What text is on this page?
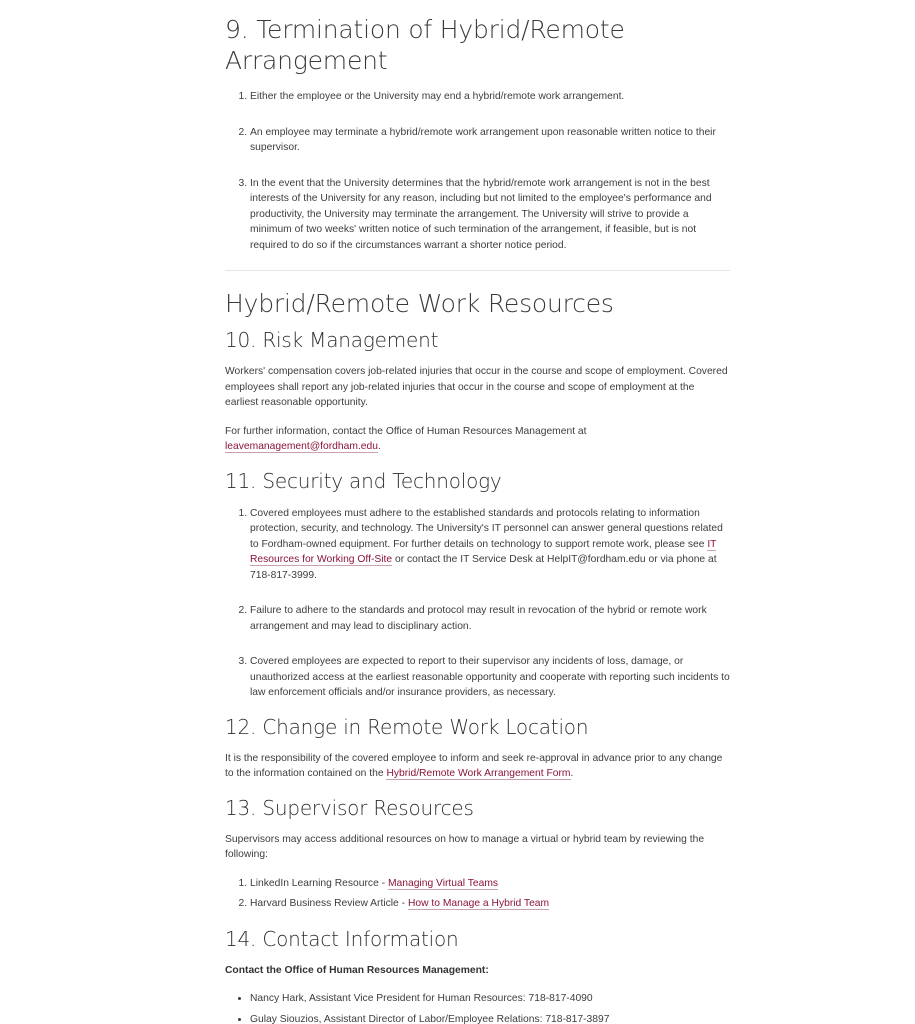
9. Termination of Hybrid/Remote Arrangement
1. Either the employee or the University may end a hybrid/remote work arrangement.
2. An employee may terminate a hybrid/remote work arrangement upon reasonable written notice to their supervisor.
3. In the event that the University determines that the hybrid/remote work arrangement is not in the best interests of the University for any reason, including but not limited to the employee's performance and productivity, the University may terminate the arrangement. The University will strive to provide a minimum of two weeks' written notice of such termination of the arrangement, if feasible, but is not required to do so if the circumstances warrant a shorter notice period.
Hybrid/Remote Work Resources
10. Risk Management

Workers' compensation covers job-related injuries that occur in the course and scope of employment. Covered employees shall report any job-related injuries that occur in the course and scope of employment at the earliest reasonable opportunity.

For further information, contact the Office of Human Resources Management at leavemanagement@fordham.edu.

11. Security and Technology
1. Covered employees must adhere to the established standards and protocols relating to information protection, security, and technology. The University's IT personnel can answer general questions related to Fordham-owned equipment. For further details on technology to support remote work, please see IT Resources for Working Off-Site or contact the IT Service Desk at HelpIT@fordham.edu or via phone at 718-817-3999.
2. Failure to adhere to the standards and protocol may result in revocation of the hybrid or remote work arrangement and may lead to disciplinary action.
3. Covered employees are expected to report to their supervisor any incidents of loss, damage, or unauthorized access at the earliest reasonable opportunity and cooperate with reporting such incidents to law enforcement officials and/or insurance providers, as necessary.
12. Change in Remote Work Location

It is the responsibility of the covered employee to inform and seek re-approval in advance prior to any change to the information contained on the Hybrid/Remote Work Arrangement Form.

13. Supervisor Resources

Supervisors may access additional resources on how to manage a virtual or hybrid team by reviewing the following:

1. LinkedIn Learning Resource - Managing Virtual Teams
2. Harvard Business Review Article - How to Manage a Hybrid Team
14. Contact Information

Contact the Office of Human Resources Management:

• Nancy Hark, Assistant Vice President for Human Resources: 718-817-4090
• Gulay Siouzios, Assistant Director of Labor/Employee Relations: 718-817-3897
